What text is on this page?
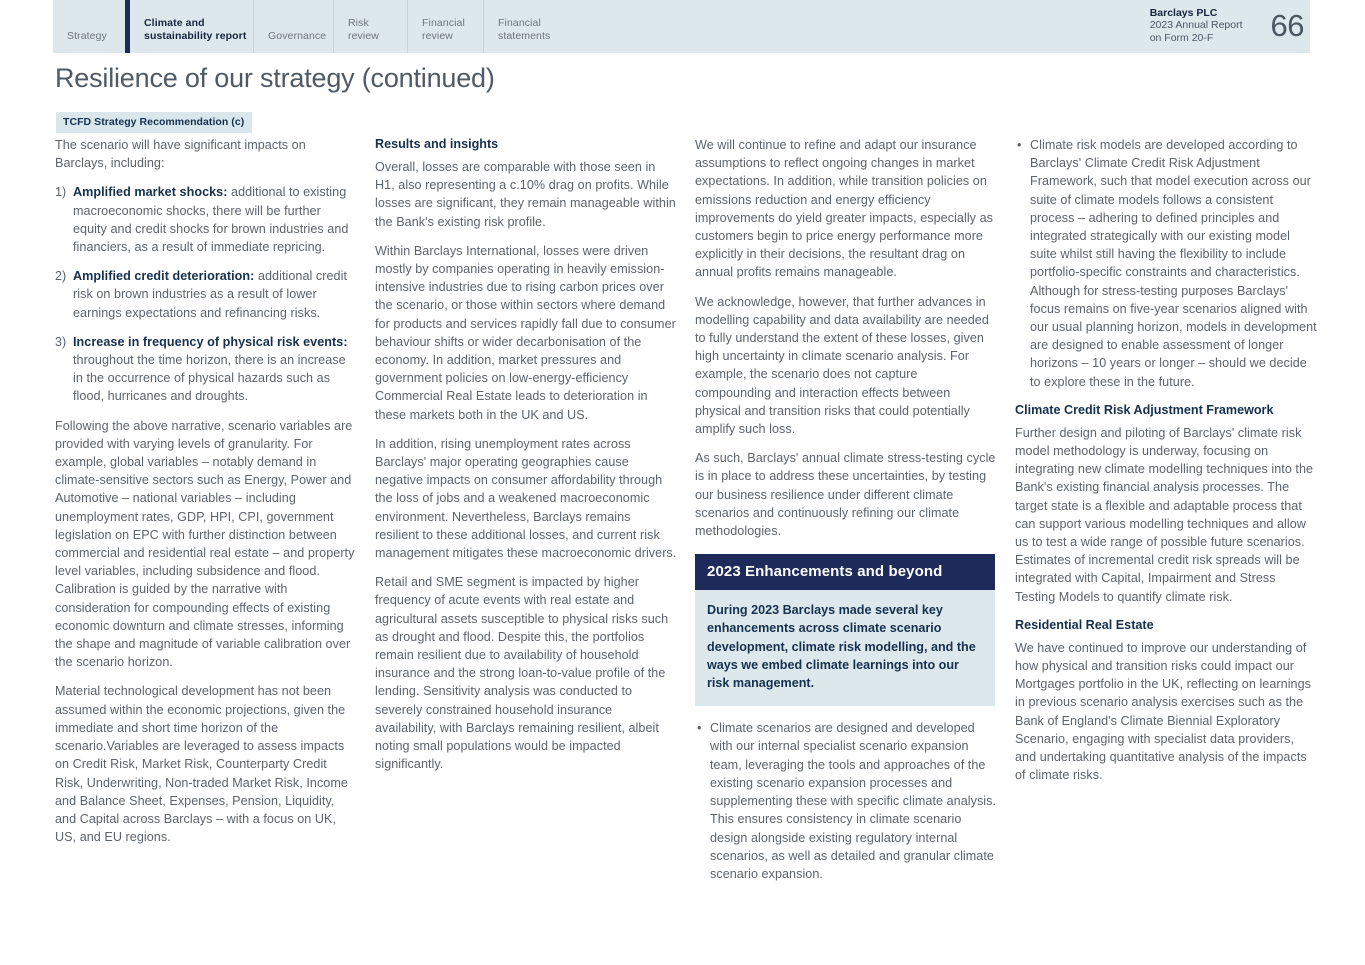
Strategy
Climate and
sustainability report Governance
Risk
review
Financial
review
Financial
statements
Barclays PLC
2023 Annual Report
on Form 20-F	66
Resilience of our strategy (continued)
TCFD Strategy Recommendation (c)

The scenario will have significant impacts on Barclays, including:

1) Amplified market shocks: additional to existing macroeconomic shocks, there will be further equity and credit shocks for brown industries and financiers, as a result of immediate repricing.
2) Amplified credit deterioration: additional credit risk on brown industries as a result of lower earnings expectations and refinancing risks.
3) Increase in frequency of physical risk events: throughout the time horizon, there is an increase in the occurrence of physical hazards such as flood, hurricanes and droughts.

Following the above narrative, scenario variables are provided with varying levels of granularity. For example, global variables – notably demand in climate-sensitive sectors such as Energy, Power and Automotive – national variables – including unemployment rates, GDP, HPI, CPI, government legislation on EPC with further distinction between commercial and residential real estate – and property level variables, including subsidence and flood. Calibration is guided by the narrative with consideration for compounding effects of existing economic downturn and climate stresses, informing the shape and magnitude of variable calibration over the scenario horizon.

Material technological development has not been assumed within the economic projections, given the immediate and short time horizon of the scenario.Variables are leveraged to assess impacts on Credit Risk, Market Risk, Counterparty Credit Risk, Underwriting, Non-traded Market Risk, Income and Balance Sheet, Expenses, Pension, Liquidity, and Capital across Barclays – with a focus on UK, US, and EU regions.

Results and insights

Overall, losses are comparable with those seen in H1, also representing a c.10% drag on profits. While losses are significant, they remain manageable within the Bank's existing risk profile.

Within Barclays International, losses were driven mostly by companies operating in heavily emission-intensive industries due to rising carbon prices over the scenario, or those within sectors where demand for products and services rapidly fall due to consumer behaviour shifts or wider decarbonisation of the economy. In addition, market pressures and government policies on low-energy-efficiency Commercial Real Estate leads to deterioration in these markets both in the UK and US.

In addition, rising unemployment rates across Barclays' major operating geographies cause negative impacts on consumer affordability through the loss of jobs and a weakened macroeconomic environment. Nevertheless, Barclays remains resilient to these additional losses, and current risk management mitigates these macroeconomic drivers.

Retail and SME segment is impacted by higher frequency of acute events with real estate and agricultural assets susceptible to physical risks such as drought and flood. Despite this, the portfolios remain resilient due to availability of household insurance and the strong loan-to-value profile of the lending. Sensitivity analysis was conducted to severely constrained household insurance availability, with Barclays remaining resilient, albeit noting small populations would be impacted significantly.

We will continue to refine and adapt our insurance assumptions to reflect ongoing changes in market expectations. In addition, while transition policies on emissions reduction and energy efficiency improvements do yield greater impacts, especially as customers begin to price energy performance more explicitly in their decisions, the resultant drag on annual profits remains manageable.

We acknowledge, however, that further advances in modelling capability and data availability are needed to fully understand the extent of these losses, given high uncertainty in climate scenario analysis. For example, the scenario does not capture compounding and interaction effects between physical and transition risks that could potentially amplify such loss.

As such, Barclays' annual climate stress-testing cycle is in place to address these uncertainties, by testing our business resilience under different climate scenarios and continuously refining our climate methodologies.

2023 Enhancements and beyond
During 2023 Barclays made several key enhancements across climate scenario development, climate risk modelling, and the ways we embed climate learnings into our risk management.
• Climate scenarios are designed and developed with our internal specialist scenario expansion team, leveraging the tools and approaches of the existing scenario expansion processes and supplementing these with specific climate analysis. This ensures consistency in climate scenario design alongside existing regulatory internal scenarios, as well as detailed and granular climate scenario expansion.
• Climate risk models are developed according to Barclays' Climate Credit Risk Adjustment Framework, such that model execution across our suite of climate models follows a consistent process – adhering to defined principles and integrated strategically with our existing model suite whilst still having the flexibility to include portfolio-specific constraints and characteristics. Although for stress-testing purposes Barclays' focus remains on five-year scenarios aligned with our usual planning horizon, models in development are designed to enable assessment of longer horizons – 10 years or longer – should we decide to explore these in the future.
Climate Credit Risk Adjustment Framework

Further design and piloting of Barclays' climate risk model methodology is underway, focusing on integrating new climate modelling techniques into the Bank's existing financial analysis processes. The target state is a flexible and adaptable process that can support various modelling techniques and allow us to test a wide range of possible future scenarios. Estimates of incremental credit risk spreads will be integrated with Capital, Impairment and Stress Testing Models to quantify climate risk.

Residential Real Estate

We have continued to improve our understanding of how physical and transition risks could impact our Mortgages portfolio in the UK, reflecting on learnings in previous scenario analysis exercises such as the Bank of England's Climate Biennial Exploratory Scenario, engaging with specialist data providers, and undertaking quantitative analysis of the impacts of climate risks.
